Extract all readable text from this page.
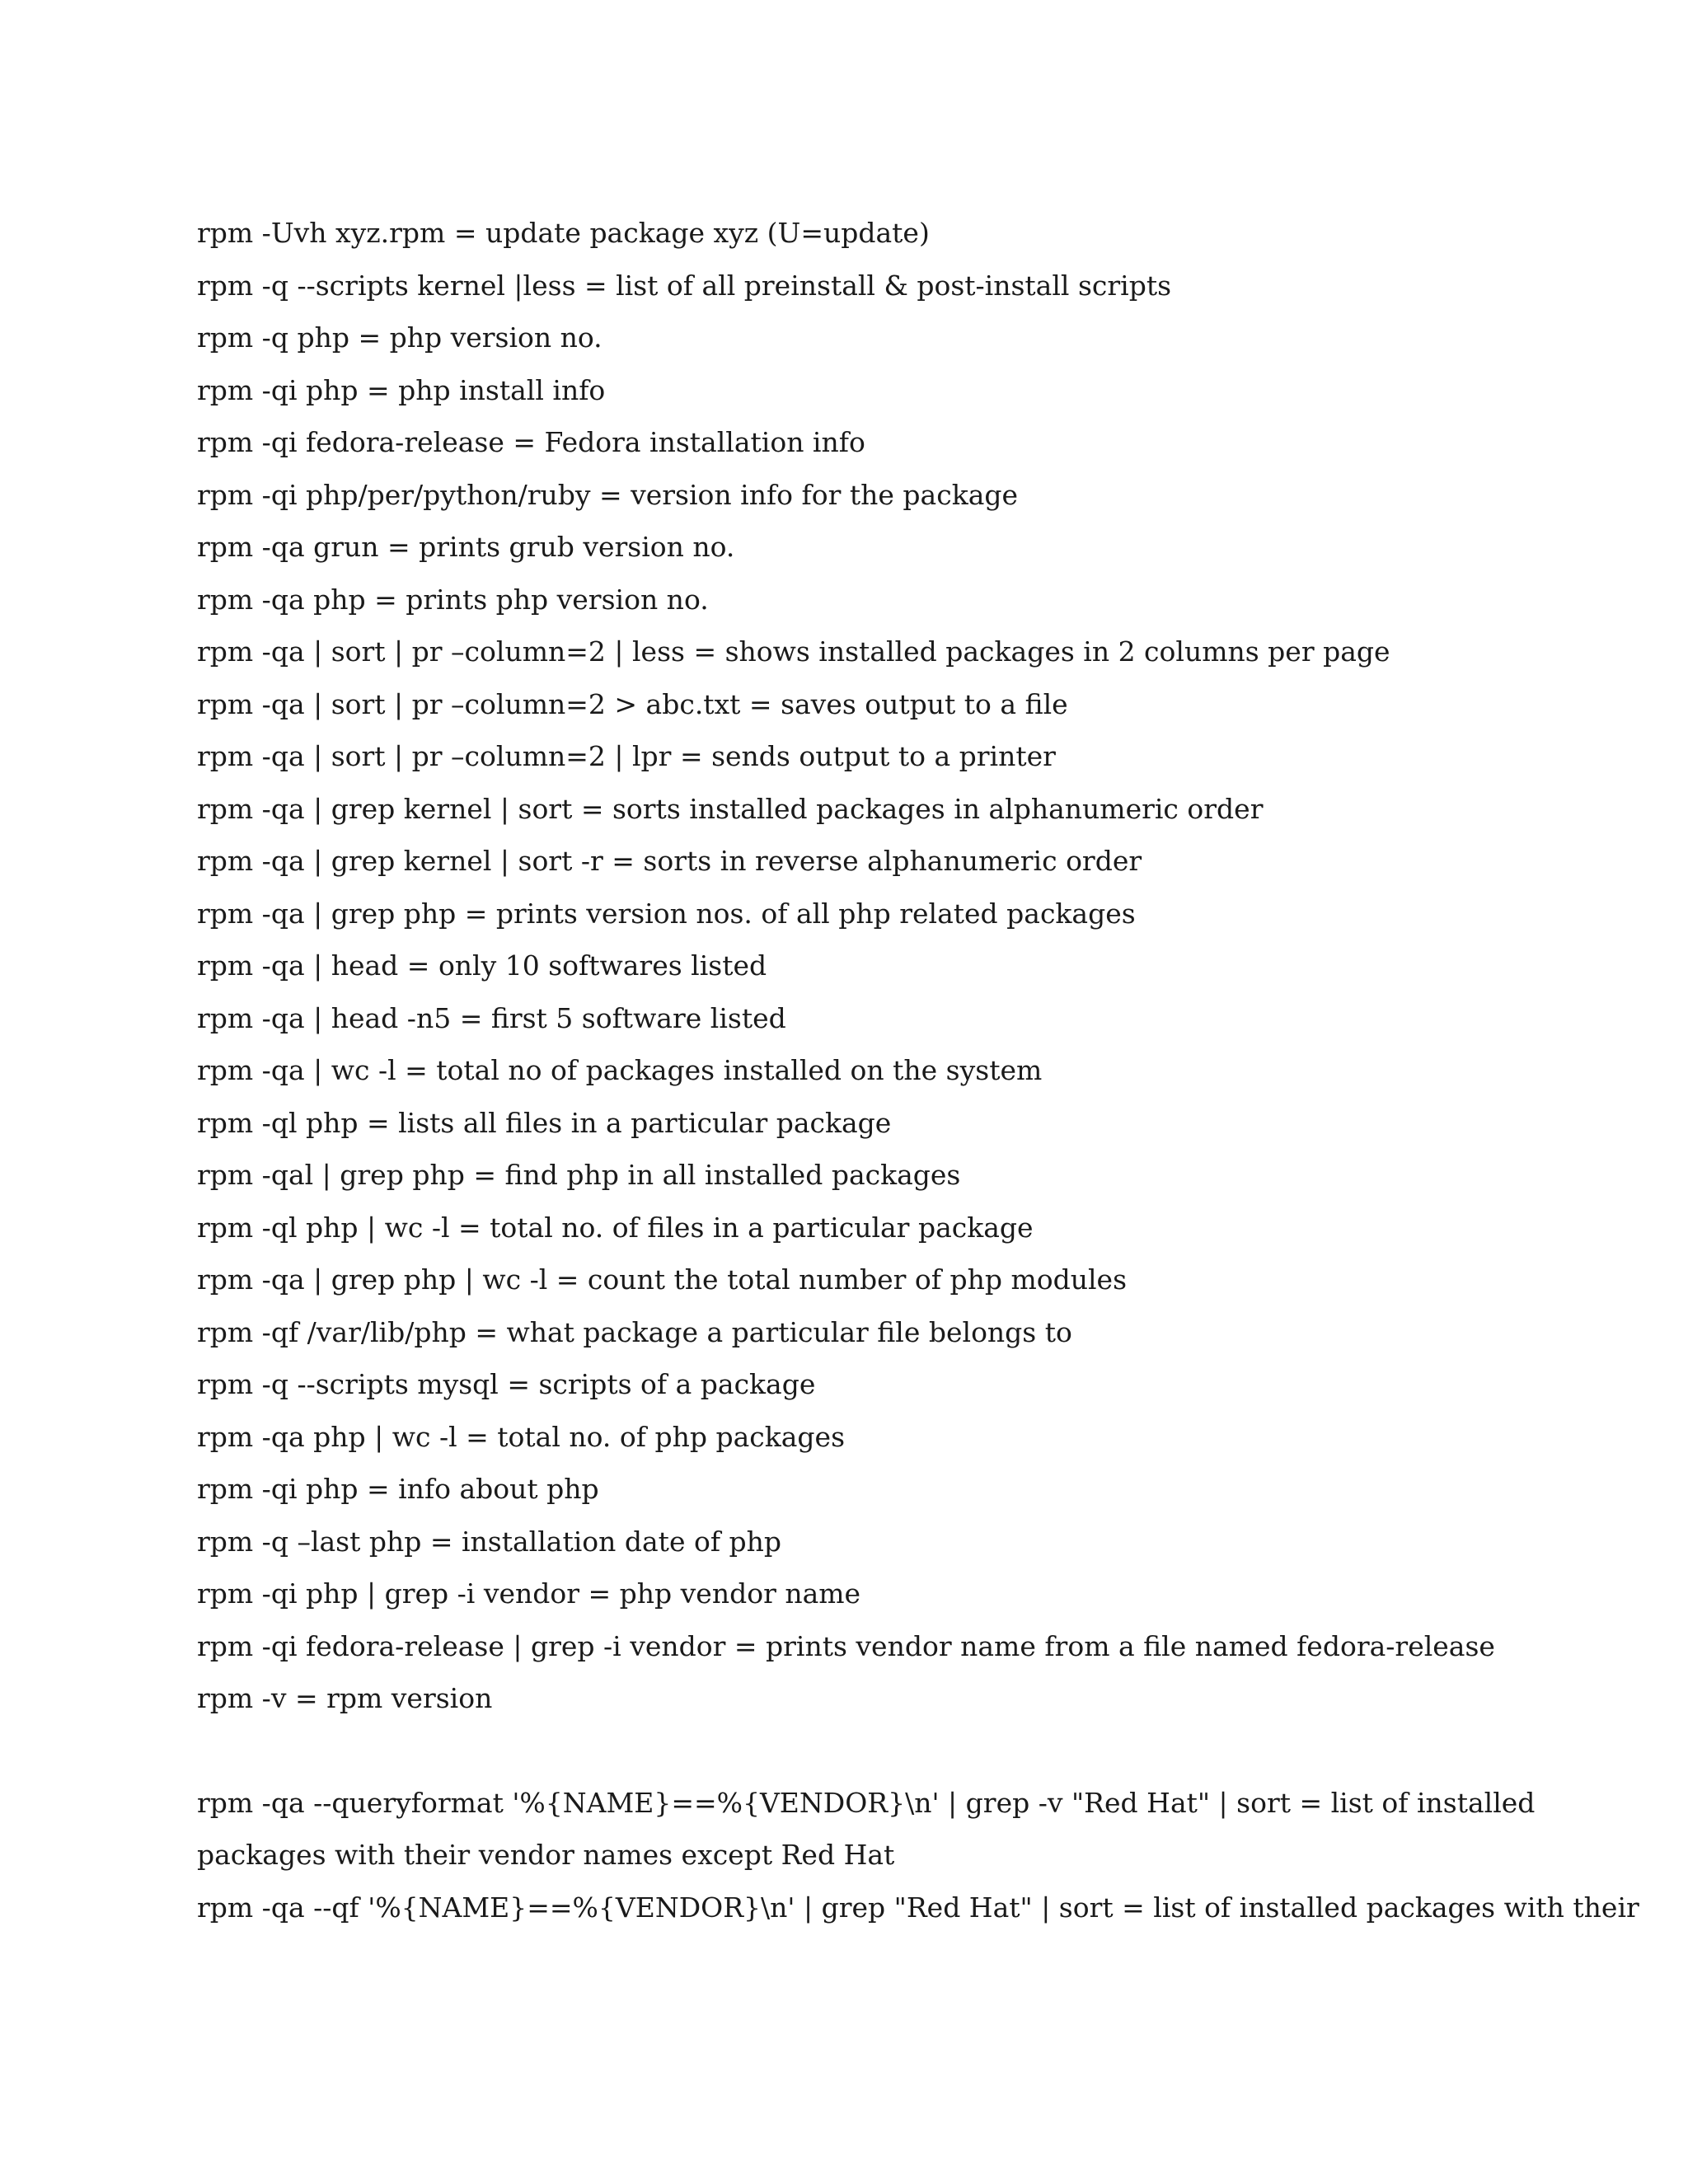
rpm -Uvh xyz.rpm = update package xyz (U=update)
rpm -q --scripts kernel |less = list of all preinstall & post-install scripts
rpm -q php = php version no.
rpm -qi php = php install info
rpm -qi fedora-release = Fedora installation info
rpm -qi php/per/python/ruby = version info for the package
rpm -qa grun = prints grub version no.
rpm -qa php = prints php version no.
rpm -qa | sort | pr –column=2 | less = shows installed packages in 2 columns per page
rpm -qa | sort | pr –column=2 > abc.txt = saves output to a file
rpm -qa | sort | pr –column=2 | lpr = sends output to a printer
rpm -qa | grep kernel | sort = sorts installed packages in alphanumeric order
rpm -qa | grep kernel | sort -r = sorts in reverse alphanumeric order
rpm -qa | grep php = prints version nos. of all php related packages
rpm -qa | head = only 10 softwares listed
rpm -qa | head -n5 = first 5 software listed
rpm -qa | wc -l = total no of packages installed on the system
rpm -ql php = lists all files in a particular package
rpm -qal | grep php = find php in all installed packages
rpm -ql php | wc -l = total no. of files in a particular package
rpm -qa | grep php | wc -l = count the total number of php modules
rpm -qf /var/lib/php = what package a particular file belongs to
rpm -q --scripts mysql = scripts of a package
rpm -qa php | wc -l = total no. of php packages
rpm -qi php = info about php
rpm -q –last php = installation date of php
rpm -qi php | grep -i vendor = php vendor name
rpm -qi fedora-release | grep -i vendor = prints vendor name from a file named fedora-release
rpm -v = rpm version
rpm -qa --queryformat '%{NAME}==%{VENDOR}\n' | grep -v "Red Hat" | sort = list of installed
packages with their vendor names except Red Hat
rpm -qa --qf '%{NAME}==%{VENDOR}\n' | grep "Red Hat" | sort = list of installed packages with their
